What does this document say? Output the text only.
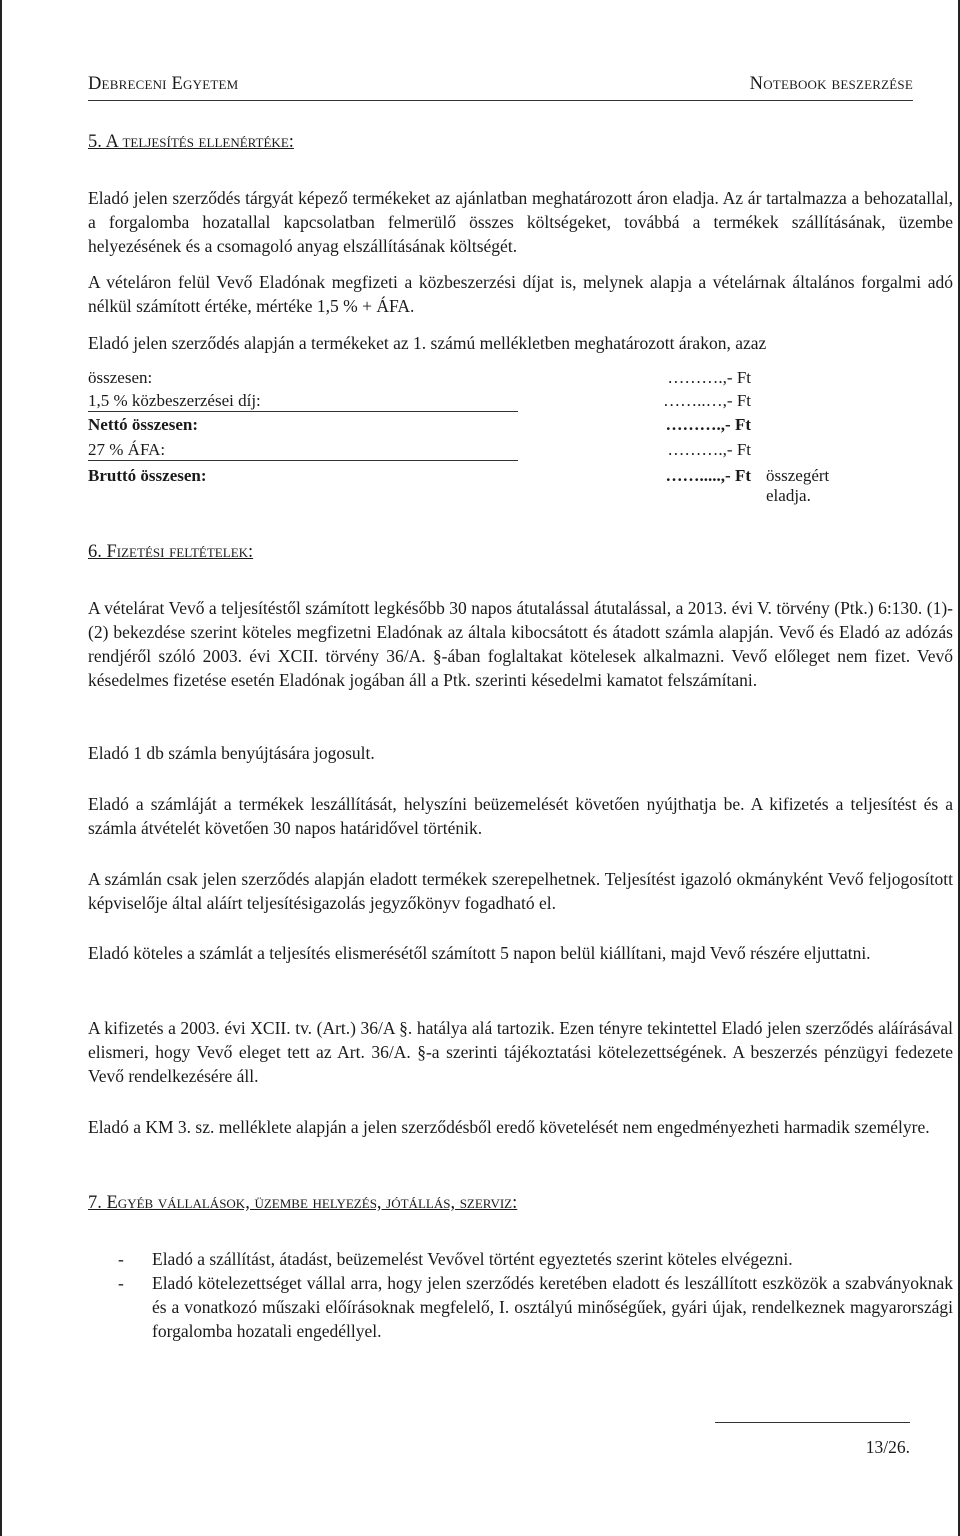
Debreceni Egyetem	Notebook beszerzése
5. A teljesítés ellenértéke:

Eladó jelen szerződés tárgyát képező termékeket az ajánlatban meghatározott áron eladja. Az ár tartalmazza a behozatallal, a forgalomba hozatallal kapcsolatban felmerülő összes költségeket, továbbá a termékek szállításának, üzembe helyezésének és a csomagoló anyag elszállításának költségét.

A vételáron felül Vevő Eladónak megfizeti a közbeszerzési díjat is, melynek alapja a vételárnak általános forgalmi adó nélkül számított értéke, mértéke 1,5 % + ÁFA.

Eladó jelen szerződés alapján a termékeket az 1. számú mellékletben meghatározott árakon, azaz

összesen:	……….,- Ft
1,5 % közbeszerzései díj:	……..…,- Ft
Nettó összesen:	……….,- Ft
27 % ÁFA:	……….,- Ft
Bruttó összesen:	…….....,- Ft összegért eladja.
6. Fizetési feltételek:

A vételárat Vevő a teljesítéstől számított legkésőbb 30 napos átutalással átutalással, a 2013. évi V. törvény (Ptk.) 6:130. (1)-(2) bekezdése szerint köteles megfizetni Eladónak az általa kibocsátott és átadott számla alapján. Vevő és Eladó az adózás rendjéről szóló 2003. évi XCII. törvény 36/A. §-ában foglaltakat kötelesek alkalmazni. Vevő előleget nem fizet. Vevő késedelmes fizetése esetén Eladónak jogában áll a Ptk. szerinti késedelmi kamatot felszámítani.

Eladó 1 db számla benyújtására jogosult.

Eladó a számláját a termékek leszállítását, helyszíni beüzemelését követően nyújthatja be. A kifizetés a teljesítést és a számla átvételét követően 30 napos határidővel történik.

A számlán csak jelen szerződés alapján eladott termékek szerepelhetnek. Teljesítést igazoló okmányként Vevő feljogosított képviselője által aláírt teljesítésigazolás jegyzőkönyv fogadható el.

Eladó köteles a számlát a teljesítés elismerésétől számított 5 napon belül kiállítani, majd Vevő részére eljuttatni.

A kifizetés a 2003. évi XCII. tv. (Art.) 36/A §. hatálya alá tartozik. Ezen tényre tekintettel Eladó jelen szerződés aláírásával elismeri, hogy Vevő eleget tett az Art. 36/A. §-a szerinti tájékoztatási kötelezettségének. A beszerzés pénzügyi fedezete Vevő rendelkezésére áll.

Eladó a KM 3. sz. melléklete alapján a jelen szerződésből eredő követelését nem engedményezheti harmadik személyre.

7. Egyéb vállalások, üzembe helyezés, jótállás, szerviz:
- Eladó a szállítást, átadást, beüzemelést Vevővel történt egyeztetés szerint köteles elvégezni.
- Eladó kötelezettséget vállal arra, hogy jelen szerződés keretében eladott és leszállított eszközök a szabványoknak és a vonatkozó műszaki előírásoknak megfelelő, I. osztályú minőségűek, gyári újak, rendelkeznek magyarországi forgalomba hozatali engedéllyel.
13/26.
